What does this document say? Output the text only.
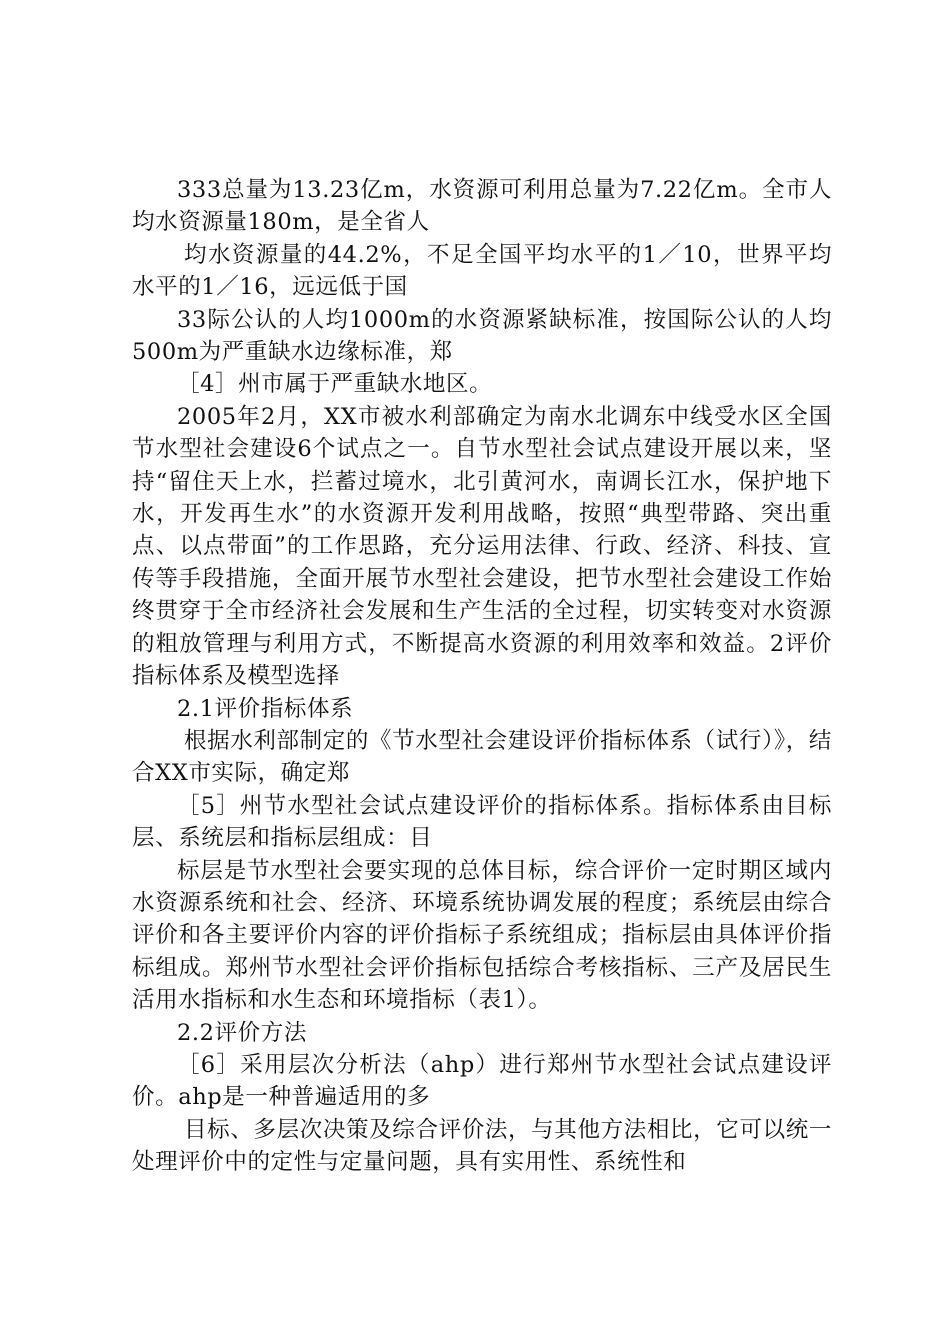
333总量为13.23亿m，水资源可利用总量为7.22亿m。全市人均水资源量180m，是全省人

均水资源量的44.2%，不足全国平均水平的1／10，世界平均水平的1／16，远远低于国

33际公认的人均1000m的水资源紧缺标准，按国际公认的人均500m为严重缺水边缘标准，郑

［4］州市属于严重缺水地区。

2005年2月，XX市被水利部确定为南水北调东中线受水区全国节水型社会建设6个试点之一。自节水型社会试点建设开展以来，坚持“留住天上水，拦蓄过境水，北引黄河水，南调长江水，保护地下水，开发再生水”的水资源开发利用战略，按照“典型带路、突出重点、以点带面”的工作思路，充分运用法律、行政、经济、科技、宣传等手段措施，全面开展节水型社会建设，把节水型社会建设工作始终贯穿于全市经济社会发展和生产生活的全过程，切实转变对水资源的粗放管理与利用方式，不断提高水资源的利用效率和效益。2评价指标体系及模型选择

2.1评价指标体系

根据水利部制定的《节水型社会建设评价指标体系（试行）》，结合XX市实际，确定郑

［5］州节水型社会试点建设评价的指标体系。指标体系由目标层、系统层和指标层组成：目

标层是节水型社会要实现的总体目标，综合评价一定时期区域内水资源系统和社会、经济、环境系统协调发展的程度；系统层由综合评价和各主要评价内容的评价指标子系统组成；指标层由具体评价指标组成。郑州节水型社会评价指标包括综合考核指标、三产及居民生活用水指标和水生态和环境指标（表1）。

2.2评价方法

［6］采用层次分析法（ahp）进行郑州节水型社会试点建设评价。ahp是一种普遍适用的多

目标、多层次决策及综合评价法，与其他方法相比，它可以统一处理评价中的定性与定量问题，具有实用性、系统性和
